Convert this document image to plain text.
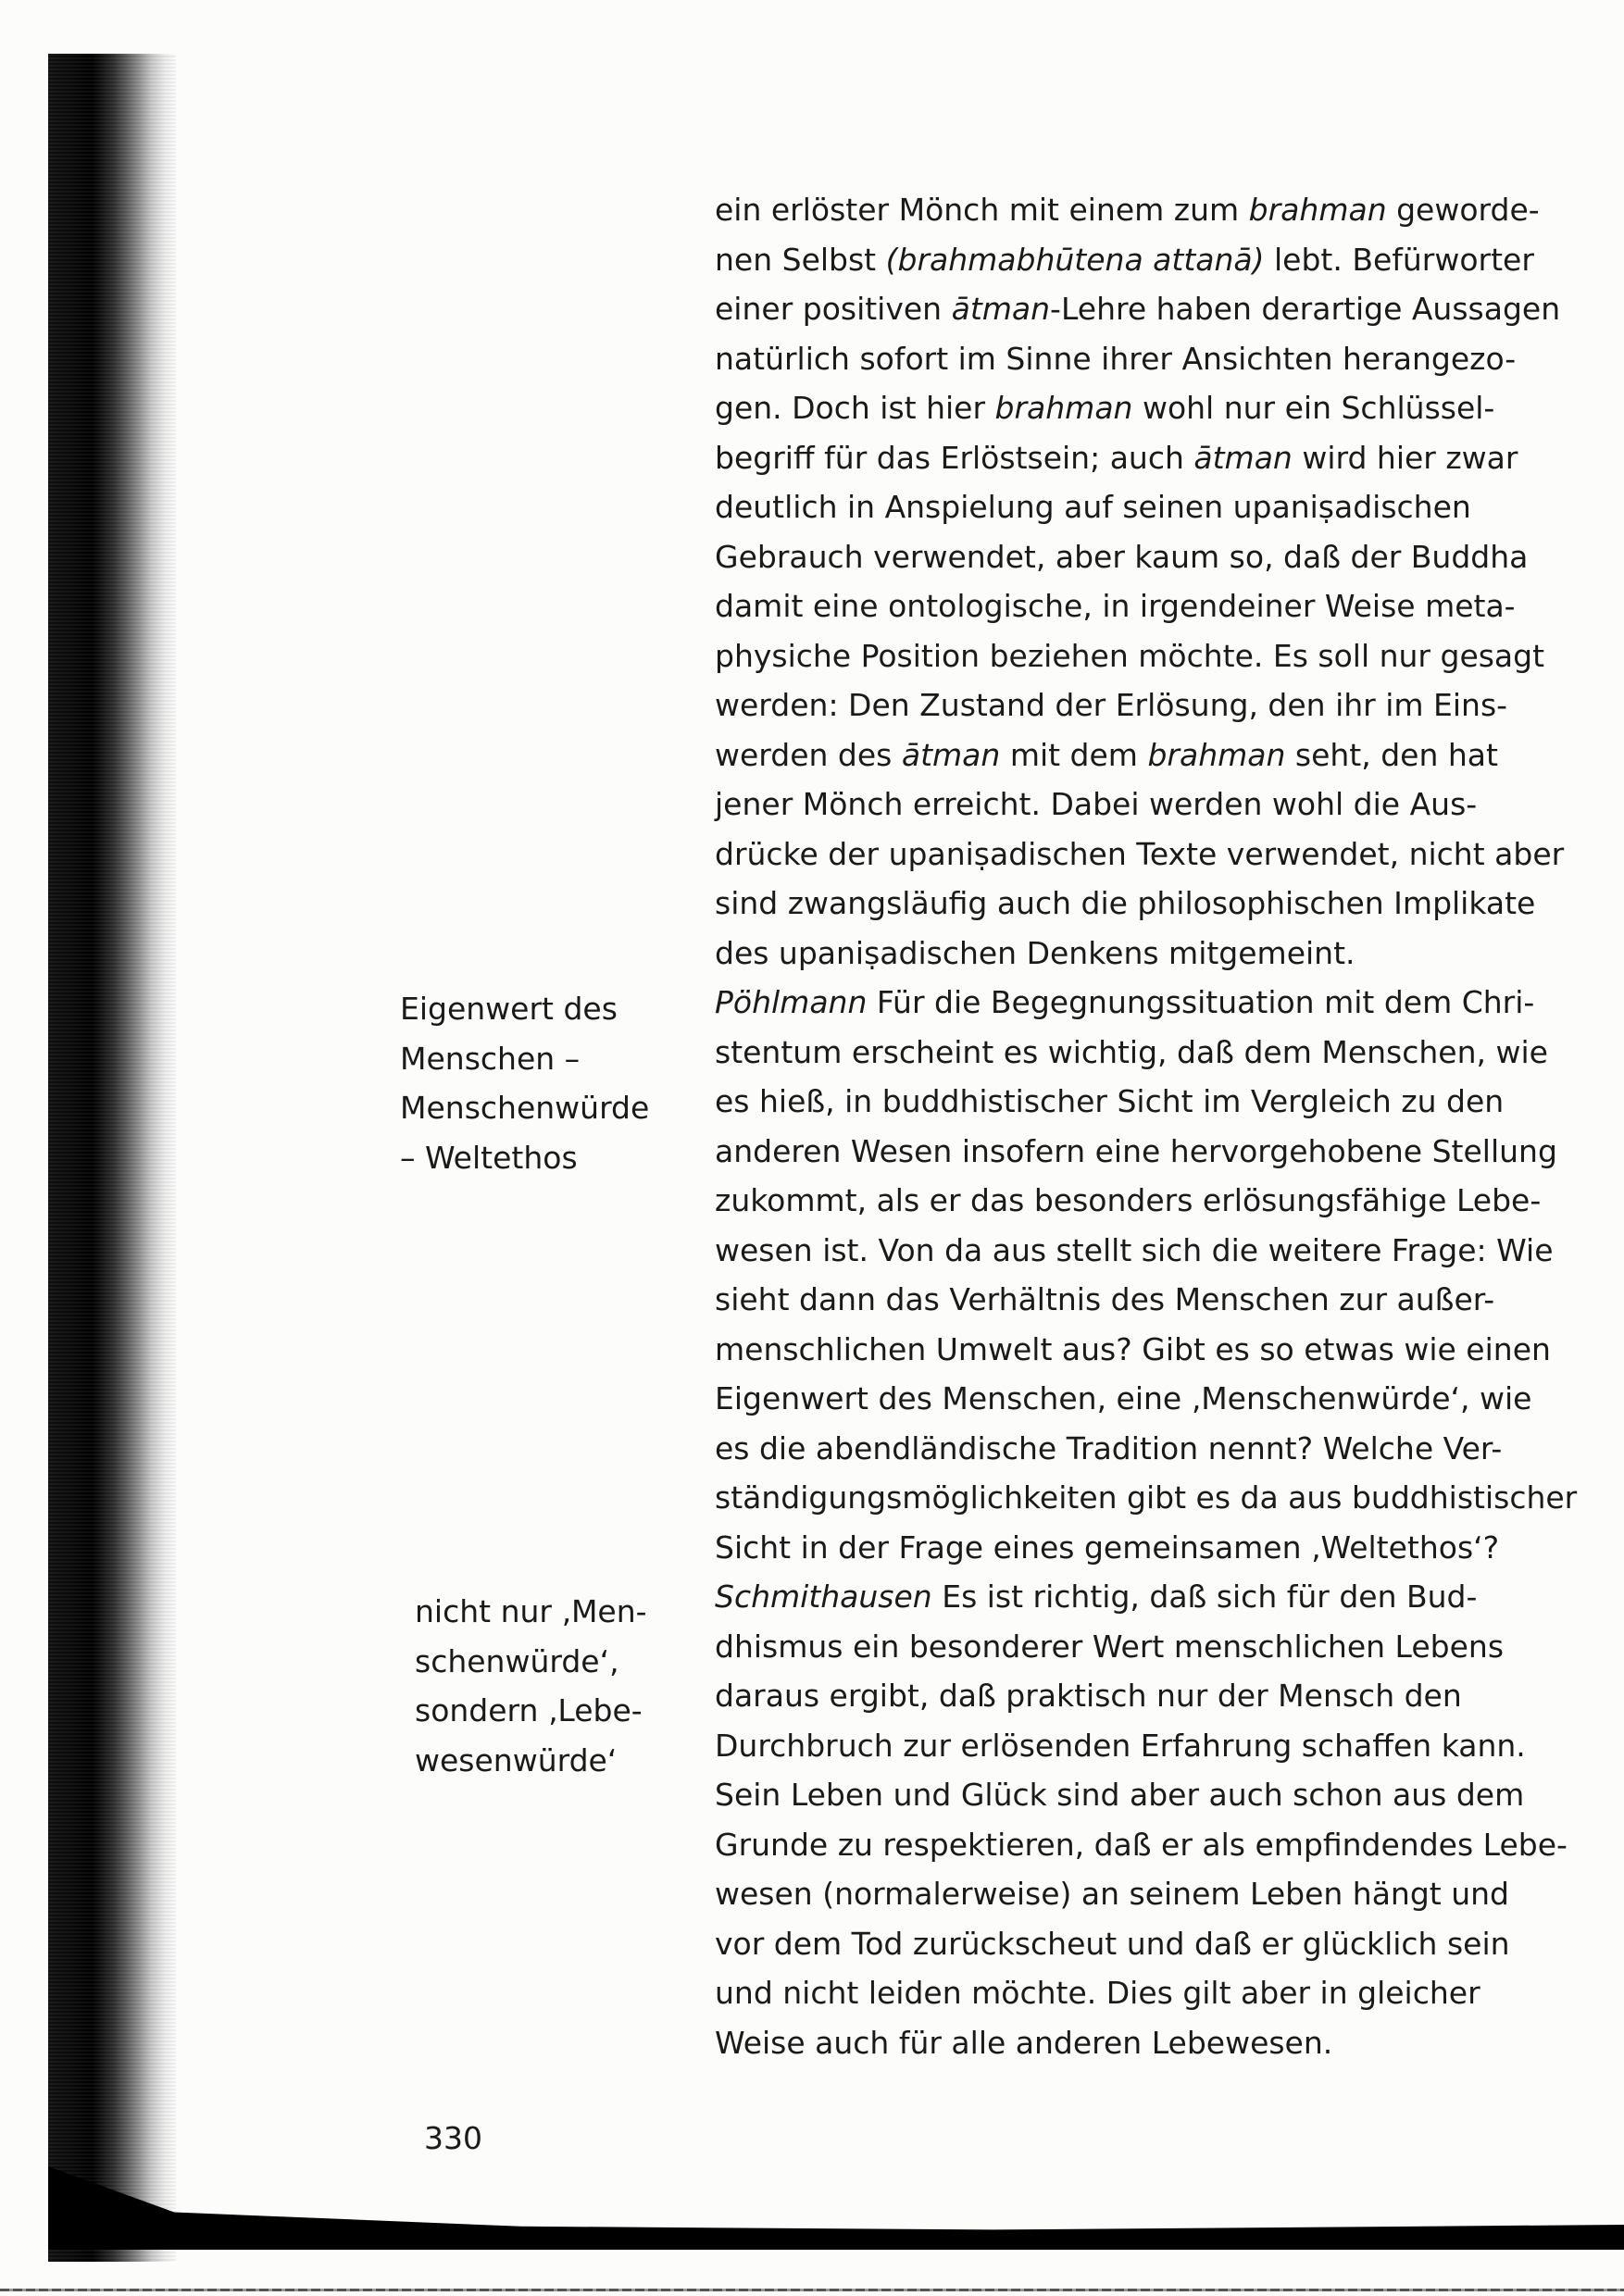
Eigenwert des
Menschen –
Menschenwürde
– Weltethos
nicht nur ‚Men-
schenwürde‘,
sondern ‚Lebe-
wesenwürde‘
ein erlöster Mönch mit einem zum brahman geworde-
nen Selbst (brahmabhūtena attanā) lebt. Befürworter
einer positiven ātman-Lehre haben derartige Aussagen
natürlich sofort im Sinne ihrer Ansichten herangezo-
gen. Doch ist hier brahman wohl nur ein Schlüssel-
begriff für das Erlöstsein; auch ātman wird hier zwar
deutlich in Anspielung auf seinen upaniṣadischen
Gebrauch verwendet, aber kaum so, daß der Buddha
damit eine ontologische, in irgendeiner Weise meta-
physiche Position beziehen möchte. Es soll nur gesagt
werden: Den Zustand der Erlösung, den ihr im Eins-
werden des ātman mit dem brahman seht, den hat
jener Mönch erreicht. Dabei werden wohl die Aus-
drücke der upaniṣadischen Texte verwendet, nicht aber
sind zwangsläufig auch die philosophischen Implikate
des upaniṣadischen Denkens mitgemeint.
Pöhlmann Für die Begegnungssituation mit dem Chri-
stentum erscheint es wichtig, daß dem Menschen, wie
es hieß, in buddhistischer Sicht im Vergleich zu den
anderen Wesen insofern eine hervorgehobene Stellung
zukommt, als er das besonders erlösungsfähige Lebe-
wesen ist. Von da aus stellt sich die weitere Frage: Wie
sieht dann das Verhältnis des Menschen zur außer-
menschlichen Umwelt aus? Gibt es so etwas wie einen
Eigenwert des Menschen, eine ‚Menschenwürde‘, wie
es die abendländische Tradition nennt? Welche Ver-
ständigungsmöglichkeiten gibt es da aus buddhistischer
Sicht in der Frage eines gemeinsamen ‚Weltethos‘?
Schmithausen Es ist richtig, daß sich für den Bud-
dhismus ein besonderer Wert menschlichen Lebens
daraus ergibt, daß praktisch nur der Mensch den
Durchbruch zur erlösenden Erfahrung schaffen kann.
Sein Leben und Glück sind aber auch schon aus dem
Grunde zu respektieren, daß er als empfindendes Lebe-
wesen (normalerweise) an seinem Leben hängt und
vor dem Tod zurückscheut und daß er glücklich sein
und nicht leiden möchte. Dies gilt aber in gleicher
Weise auch für alle anderen Lebewesen.
330
